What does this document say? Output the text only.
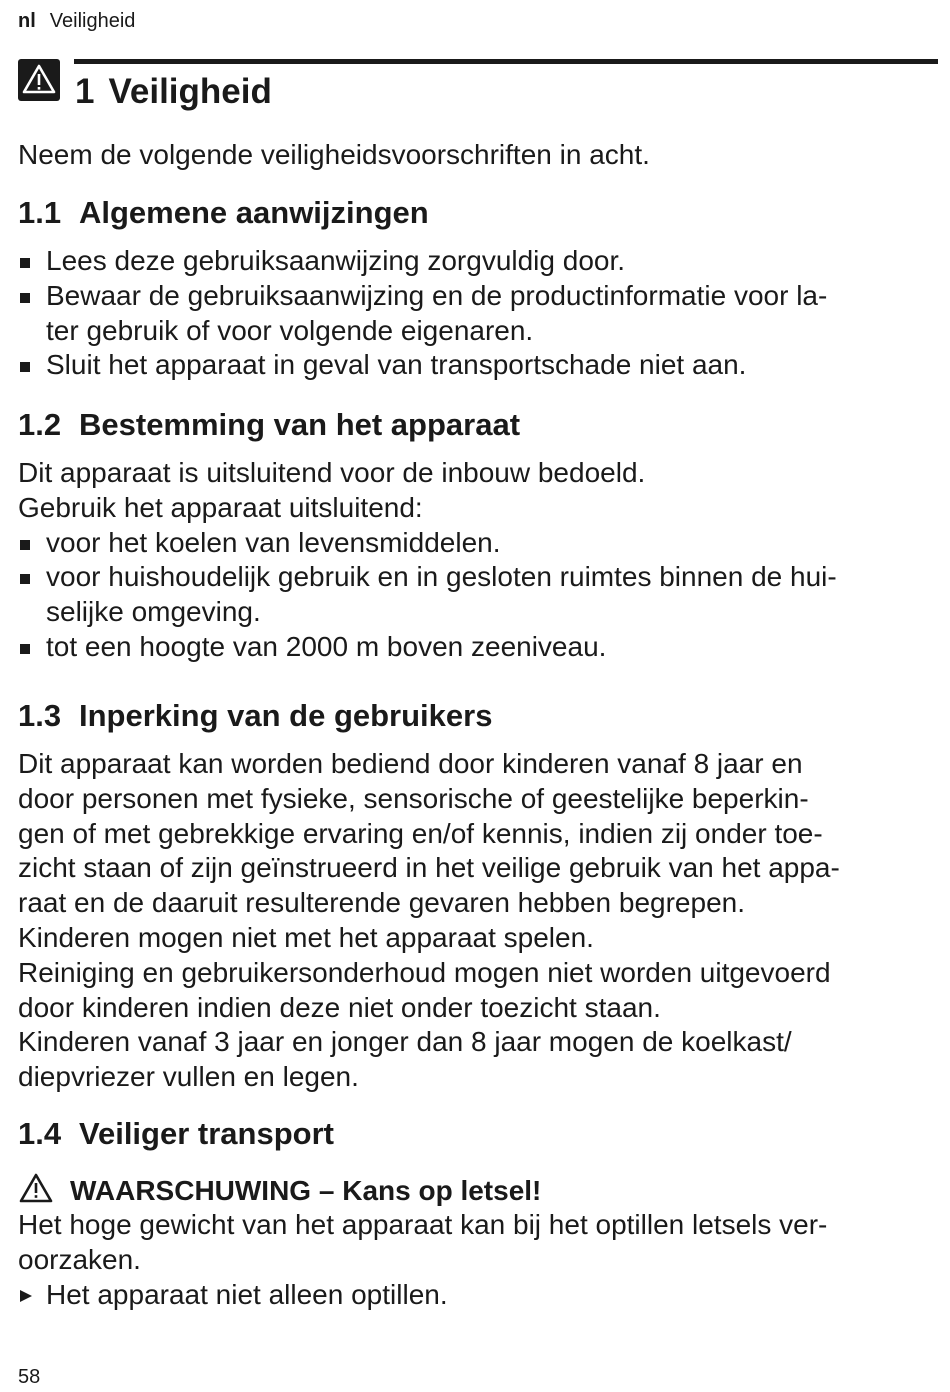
nl Veiligheid
1 Veiligheid

Neem de volgende veiligheidsvoorschriften in acht.

1.1 Algemene aanwijzingen
Lees deze gebruiksaanwijzing zorgvuldig door.
Bewaar de gebruiksaanwijzing en de productinformatie voor la-
ter gebruik of voor volgende eigenaren.
Sluit het apparaat in geval van transportschade niet aan.
1.2 Bestemming van het apparaat

Dit apparaat is uitsluitend voor de inbouw bedoeld.

Gebruik het apparaat uitsluitend:

voor het koelen van levensmiddelen.
voor huishoudelijk gebruik en in gesloten ruimtes binnen de hui-
selijke omgeving.
tot een hoogte van 2000 m boven zeeniveau.
1.3 Inperking van de gebruikers

Dit apparaat kan worden bediend door kinderen vanaf 8 jaar en

door personen met fysieke, sensorische of geestelijke beperkin-

gen of met gebrekkige ervaring en/of kennis, indien zij onder toe-

zicht staan of zijn geïnstrueerd in het veilige gebruik van het appa-

raat en de daaruit resulterende gevaren hebben begrepen.

Kinderen mogen niet met het apparaat spelen.

Reiniging en gebruikersonderhoud mogen niet worden uitgevoerd

door kinderen indien deze niet onder toezicht staan.

Kinderen vanaf 3 jaar en jonger dan 8 jaar mogen de koelkast/

diepvriezer vullen en legen.

1.4 Veiliger transport
WAARSCHUWING – Kans op letsel!

Het hoge gewicht van het apparaat kan bij het optillen letsels ver-

oorzaken.

Het apparaat niet alleen optillen.
58
